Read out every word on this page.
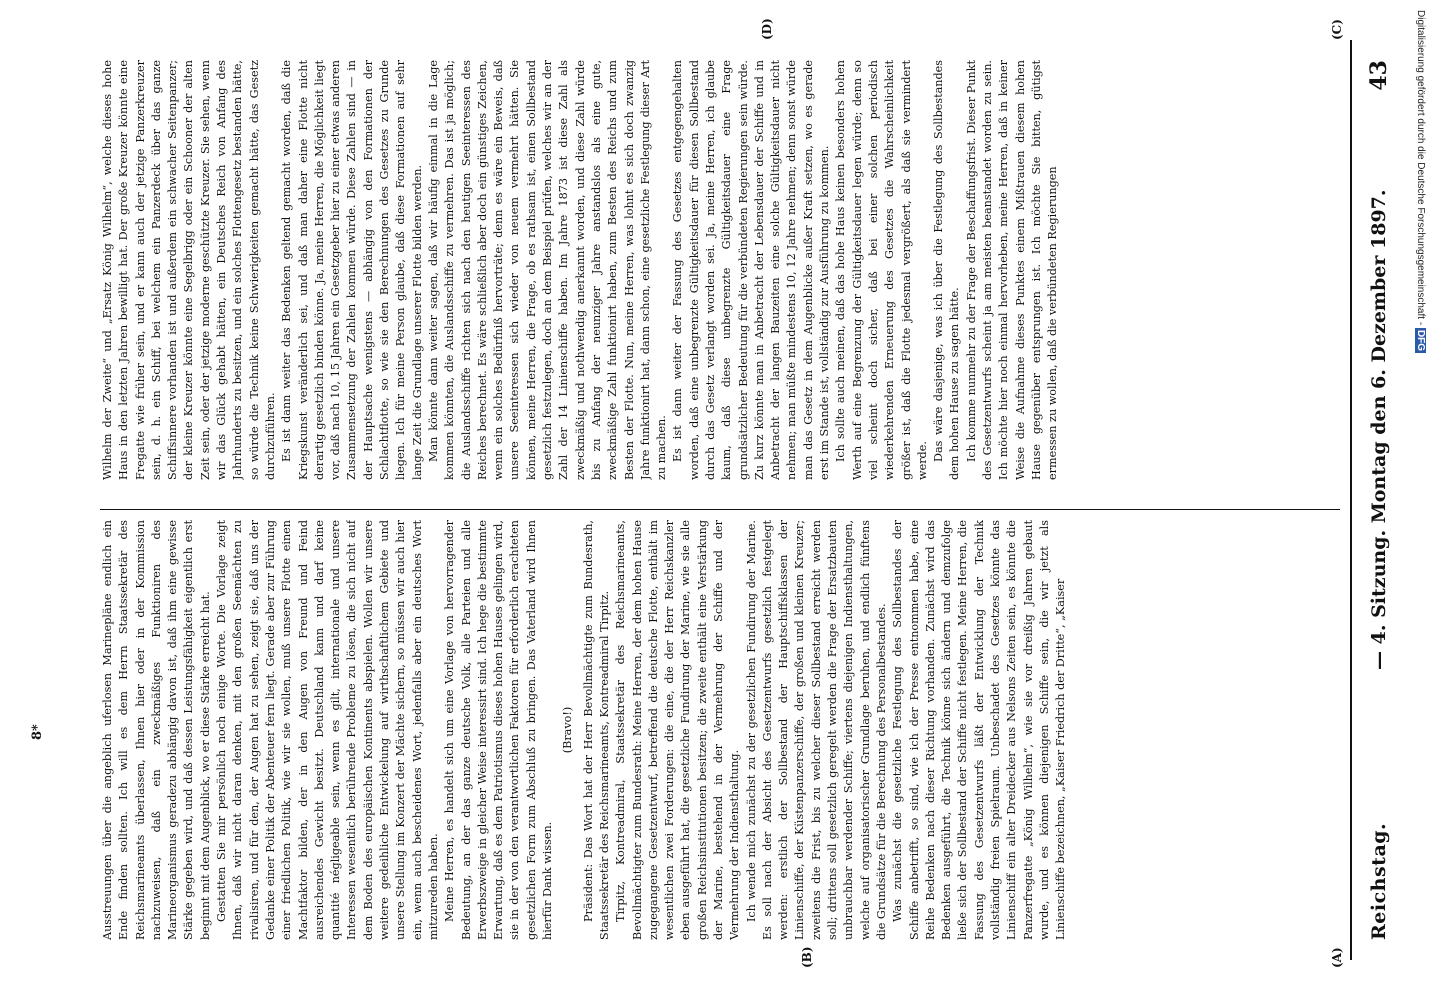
Reichstag.
— 4. Sitzung. Montag den 6. Dezember 1897.
43
(A)
(B)
(C)
(D)

Ausstreuungen über die angeblich uferlosen Marinepläne endlich ein Ende finden sollten. Ich will es dem Herrn Staatssekretär des Reichsmarineamts überlassen, Ihnen hier oder in der Kommission nachzuweisen, daß ein zweckmäßiges Funktioniren des Marineorganismus geradezu abhängig davon ist, daß ihm eine gewisse Stärke gegeben wird, und daß dessen Leistungsfähigkeit eigentlich erst beginnt mit dem Augenblick, wo er diese Stärke erreicht hat. Gestatten Sie mir persönlich noch einige Worte. Die Vorlage zeigt Ihnen, daß wir nicht daran denken, mit den großen Seemächten zu rivalisiren, und für den, der Augen hat zu sehen, zeigt sie, daß uns der Gedanke einer Politik der Abenteuer fern liegt. Gerade aber zur Führung einer friedlichen Politik, wie wir sie wollen, muß unsere Flotte einen Machtfaktor bilden, der in den Augen von Freund und Feind ausreichendes Gewicht besitzt. Deutschland kann und darf keine quantité négligeable sein, wenn es gilt, internationale und unsere Interessen wesentlich berührende Probleme zu lösen, die sich nicht auf dem Boden des europäischen Kontinents abspielen. Wollen wir unsere weitere gedeihliche Entwickelung auf wirthschaftlichem Gebiete und unsere Stellung im Konzert der Mächte sichern, so müssen wir auch hier ein, wenn auch bescheidenes Wort, jedenfalls aber ein deutsches Wort mitzureden haben. Meine Herren, es handelt sich um eine Vorlage von hervorragender Bedeutung, an der das ganze deutsche Volk, alle Parteien und alle Erwerbszweige in gleicher Weise interessirt sind. Ich hege die bestimmte Erwartung, daß es dem Patriotismus dieses hohen Hauses gelingen wird, sie in der von den verantwortlichen Faktoren für erforderlich erachteten gesetzlichen Form zum Abschluß zu bringen. Das Vaterland wird Ihnen hierfür Dank wissen.

(Bravo!) Präsident: Das Wort hat der Herr Bevollmächtigte zum Bundesrath, Staatssekretär des Reichsmarineamts, Kontreadmiral Tirpitz. Tirpitz, Kontreadmiral, Staatssekretär des Reichsmarineamts, Bevollmächtigter zum Bundesrath: Meine Herren, der dem hohen Hause zugegangene Gesetzentwurf, betreffend die deutsche Flotte, enthält im wesentlichen zwei Forderungen: die eine, die der Herr Reichskanzler eben ausgeführt hat, die gesetzliche Fundirung der Marine, wie sie alle großen Reichsinstitutionen besitzen; die zweite enthält eine Verstärkung der Marine, bestehend in der Vermehrung der Schiffe und der Vermehrung der Indiensthaltung. Ich wende mich zunächst zu der gesetzlichen Fundirung der Marine. Es soll nach der Absicht des Gesetzentwurfs gesetzlich festgelegt werden: erstlich der Sollbestand der Hauptschiffsklassen der Linienschiffe, der Küstenpanzerschiffe, der großen und kleinen Kreuzer; zweitens die Frist, bis zu welcher dieser Sollbestand erreicht werden soll; drittens soll gesetzlich geregelt werden die Frage der Ersatzbauten unbrauchbar werdender Schiffe; viertens diejenigen Indiensthaltungen, welche auf organisatorischer Grundlage beruhen, und endlich fünftens die Grundsätze für die Berechnung des Personalbestandes. Was zunächst die gesetzliche Festlegung des Sollbestandes der Schiffe anbetrifft, so sind, wie ich der Presse entnommen habe, eine Reihe Bedenken nach dieser Richtung vorhanden. Zunächst wird das Bedenken ausgeführt, die Technik könne sich ändern und demzufolge ließe sich der Sollbestand der Schiffe nicht festlegen. Meine Herren, die Fassung des Gesetzentwurfs läßt der Entwicklung der Technik vollständig freien Spielraum. Unbeschadet des Gesetzes könnte das Linienschiff ein alter Dreidecker aus Nelsons Zeiten sein, es könnte die Panzerfregatte „König Wilhelm“, wie sie vor dreißig Jahren gebaut wurde, und es können diejenigen Schiffe sein, die wir jetzt als Linienschiffe bezeichnen, „Kaiser Friedrich der Dritte“, „Kaiser

Wilhelm der Zweite“ und „Ersatz König Wilhelm“, welche dieses hohe Haus in den letzten Jahren bewilligt hat. Der große Kreuzer könnte eine Fregatte wie früher sein, und er kann auch der jetzige Panzerkreuzer sein, d. h. ein Schiff, bei welchem ein Panzerdeck über das ganze Schiffsinnere vorhanden ist und außerdem ein schwacher Seitenpanzer; der kleine Kreuzer könnte eine Segelbrigg oder ein Schooner der alten Zeit sein, oder der jetzige moderne geschützte Kreuzer. Sie sehen, wenn wir das Glück gehabt hätten, ein Deutsches Reich von Anfang des Jahrhunderts zu besitzen, und ein solches Flottengesetz bestanden hätte, so würde die Technik keine Schwierigkeiten gemacht hätte, das Gesetz durchzuführen. Es ist dann weiter das Bedenken geltend gemacht worden, daß die Kriegskunst veränderlich sei, und daß man daher eine Flotte nicht derartig gesetzlich binden könne. Ja, meine Herren, die Möglichkeit liegt vor, daß nach 10, 15 Jahren ein Gesetzgeber hier zu einer etwas anderen Zusammensetzung der Zahlen kommen würde. Diese Zahlen sind — in der Hauptsache wenigstens — abhängig von den Formationen der Schlachtflotte, so wie sie den Berechnungen des Gesetzes zu Grunde liegen. Ich für meine Person glaube, daß diese Formationen auf sehr lange Zeit die Grundlage unserer Flotte bilden werden. Man könnte dann weiter sagen, daß wir häufig einmal in die Lage kommen könnten, die Auslandsschiffe zu vermehren. Das ist ja möglich; die Auslandsschiffe richten sich nach den heutigen Seeinteressen des Reiches berechnet. Es wäre schließlich aber doch ein günstiges Zeichen, wenn ein solches Bedürfniß hervorträte; denn es wäre ein Beweis, daß unsere Seeinteressen sich wieder von neuem vermehrt hätten. Sie können, meine Herren, die Frage, ob es rathsam ist, einen Sollbestand gesetzlich festzulegen, doch an dem Beispiel prüfen, welches wir an der Zahl der 14 Linienschiffe haben. Im Jahre 1873 ist diese Zahl als zweckmäßig und nothwendig anerkannt worden, und diese Zahl würde bis zu Anfang der neunziger Jahre anstandslos als eine gute, zweckmäßige Zahl funktionirt haben, zum Besten des Reichs und zum Besten der Flotte. Nun, meine Herren, was lohnt es sich doch zwanzig Jahre funktionirt hat, dann schon, eine gesetzliche Festlegung dieser Art zu machen. Es ist dann weiter der Fassung des Gesetzes entgegengehalten worden, daß eine unbegrenzte Gültigkeitsdauer für diesen Sollbestand durch das Gesetz verlangt worden sei. Ja, meine Herren, ich glaube kaum, daß diese unbegrenzte Gültigkeitsdauer eine Frage grundsätzlicher Bedeutung für die verbündeten Regierungen sein würde. Zu kurz könnte man in Anbetracht der Lebensdauer der Schiffe und in Anbetracht der langen Bauzeiten eine solche Gültigkeitsdauer nicht nehmen; man müßte mindestens 10, 12 Jahre nehmen; denn sonst würde man das Gesetz in dem Augenblicke außer Kraft setzen, wo es gerade erst im Stande ist, vollständig zur Ausführung zu kommen. Ich sollte auch meinen, daß das hohe Haus keinen besonders hohen Werth auf eine Begrenzung der Gültigkeitsdauer legen würde; denn so viel scheint doch sicher, daß bei einer solchen periodisch wiederkehrenden Erneuerung des Gesetzes die Wahrscheinlichkeit größer ist, daß die Flotte jedesmal vergrößert, als daß sie vermindert werde. Das wäre dasjenige, was ich über die Festlegung des Sollbestandes dem hohen Hause zu sagen hätte. Ich komme nunmehr zu der Frage der Beschaffungsfrist. Dieser Punkt des Gesetzentwurfs scheint ja am meisten beanstandet worden zu sein. Ich möchte hier noch einmal hervorheben, meine Herren, daß in keiner Weise die Aufnahme dieses Punktes einem Mißtrauen diesem hohen Hause gegenüber entsprungen ist. Ich möchte Sie bitten, gütigst ermessen zu wollen, daß die verbündeten Regierungen

8*
Digitalisierung gefördert durch die Deutsche Forschungsgemeinschaft - DFG
